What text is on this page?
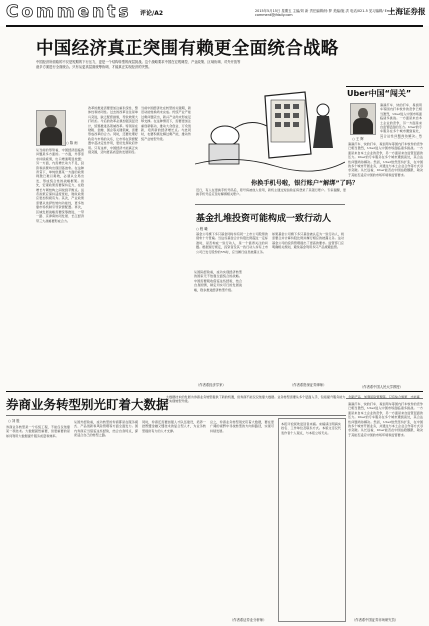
Comments 评论/A2	2015年5月15日 星期五 主编/刘 新 责任编辑/杨 梦 美编/施 洪 电话/021-5 见习编辑/ Email: comment@jfdaily.com	上海证券报
中国经济真正突围有赖更全面统合战略
中国经济所面临的不仅是短期的下行压力，更是一个结构转型的深层挑战。这个战略要求中国在宏观调控、产业政策、区域协调、对外开放等诸多方面进行全面统合。只有从更高层面统筹协调，才能真正实现经济的突围。
○ 陈 雨
从当前的形势看，中国经济面临的问题是多方面的。一方面，外部需求持续疲弱，出口增速明显放缓；另一方面，内需增长动力不足，投资和消费均出现回落迹象。在这种背景下，单纯依靠某一方面的政策刺激已难以奏效，必须从全局出发，形成统合性的战略框架。首先，宏观政策需要保持定力，在稳增长与调结构之间找到平衡点。货币政策应保持适度宽松，财政政策应更加积极有为。其次，产业政策需要从选择性转向功能性，更多依靠市场机制引导资源配置。再次，区域发展战略需要统筹推进，一带一路、京津冀协同发展、长江经济带三大战略要形成合力。
改革的推进需要更加注重系统性、整体性和协同性。过去的改革往往是单兵突进，缺乏配套措施，导致效果大打折扣。今后的改革必须加强顶层设计，统筹推进各领域改革。特别是在财税、金融、国企等关键领域，需要形成改革的合力。同时，还要处理好政府与市场的关系，让市场在资源配置中起决定性作用，更好发挥政府作用。只有这样，中国经济才能真正实现突围，迈向更高质量的发展阶段。
当前中国经济处在转型的关键期，新旧动能转换尚未完成。传统产业产能过剩问题突出，新兴产业尚未形成足够支撑。在这种情况下，需要更加注重创新驱动，推动大众创业、万众创新，培育新的经济增长点。与此同时，也要积极化解过剩产能，推动传统产业转型升级。
从国际经验看，成功实现经济转型的国家无不依靠全面统合的战略。中国需要吸收借鉴这些经验，结合自身国情，制定切实可行的发展战略，稳步推进经济转型升级。
（作者系经济学家）
你换手机号啦，银行账户“解绑”了吗？
近日，有人在更换手机号码后，原号码被他人使用，新机主通过短信验证码登录了其银行账户。专家提醒，更换手机号后应及时解绑相关账户。
基金扎堆投资可能构成一致行动人
○ 程 曦
基金公司旗下多只基金同时持有同一上市公司股票的现象十分普遍。当这些基金合计持股比例超过一定标准时，是否构成一致行动人，是一个值得关注的问题。根据现行规定，投资者及其一致行动人持有上市公司已发行股份的5%时，应当履行信息披露义务。
如果基金公司旗下多只基金被认定为一致行动人，则需要合并计算持股比例并履行相应的披露义务。这对基金公司的投资管理提出了更高的要求。监管部门应明确相关规则，避免基金利用多只产品规避监管。
（作者系资深证券律师）
Uber中国“闯关”
○ 王 辉
滴滴打车、快的打车、易到用车等国内打车软件的竞争已相当激烈，Uber进入中国市场面临诸多挑战。一方面是来自本土企业的竞争，另一方面是来自监管层面的压力。Uber的专车服务在多个城市遭到查处，其合法性问题尚待解决。然
滴滴打车、快的打车、易到用车等国内打车软件的竞争已相当激烈，Uber进入中国市场面临诸多挑战。一方面是来自本土企业的竞争，另一方面是来自监管层面的压力。Uber的专车服务在多个城市遭到查处，其合法性问题尚待解决。然而，Uber依然坚持扩张，在中国的多个城市开展业务，并通过与本土企业合作等方式寻求突破。从长远看，Uber能否在中国站稳脚跟，取决于其能否适应中国的市场环境和监管要求。
（作者系中国人民大学教授）
券商业务转型别光盯着大数据
大数据技术的发展为券商业务转型提供了新的机遇，但券商不能仅仅依靠大数据。业务转型需要从多个层面入手，包括提升服务能力、创新产品、加强风险管理等。只有综合施策，才能真正实现转型升级。
○ 刘 胜
券商业务转型是一个系统工程，不能仅仅依靠某一项技术。大数据固然重要，但更重要的是如何利用大数据提升服务质量和效率。
从国外经验看，成功转型的券商都是在服务模式、产品创新和风险管理等方面全面发力。国内券商应当借鉴这些经验，结合自身特点，探索适合自己的转型之路。
同时，券商还需要加强人才队伍建设，培养一批既懂金融又懂技术的复合型人才，为业务转型提供有力的人才支撑。
总之，券商业务转型别光盯着大数据，要在更广阔的视野中寻找转型的方向和路径，实现可持续发展。
（作者系证券业分析师）
本报评论版欢迎读者来稿。来稿请注明真实姓名、工作单位及联系方式。本版文章仅代表作者个人观点，与本报立场无关。
滴滴打车、快的打车、易到用车等国内打车软件的竞争已相当激烈，Uber进入中国市场面临诸多挑战。一方面是来自本土企业的竞争，另一方面是来自监管层面的压力。Uber的专车服务在多个城市遭到查处，其合法性问题尚待解决。然而，Uber依然坚持扩张，在中国的多个城市开展业务，并通过与本土企业合作等方式寻求突破。从长远看，Uber能否在中国站稳脚跟，取决于其能否适应中国的市场环境和监管要求。
（作者系中国证券市场研究员）
